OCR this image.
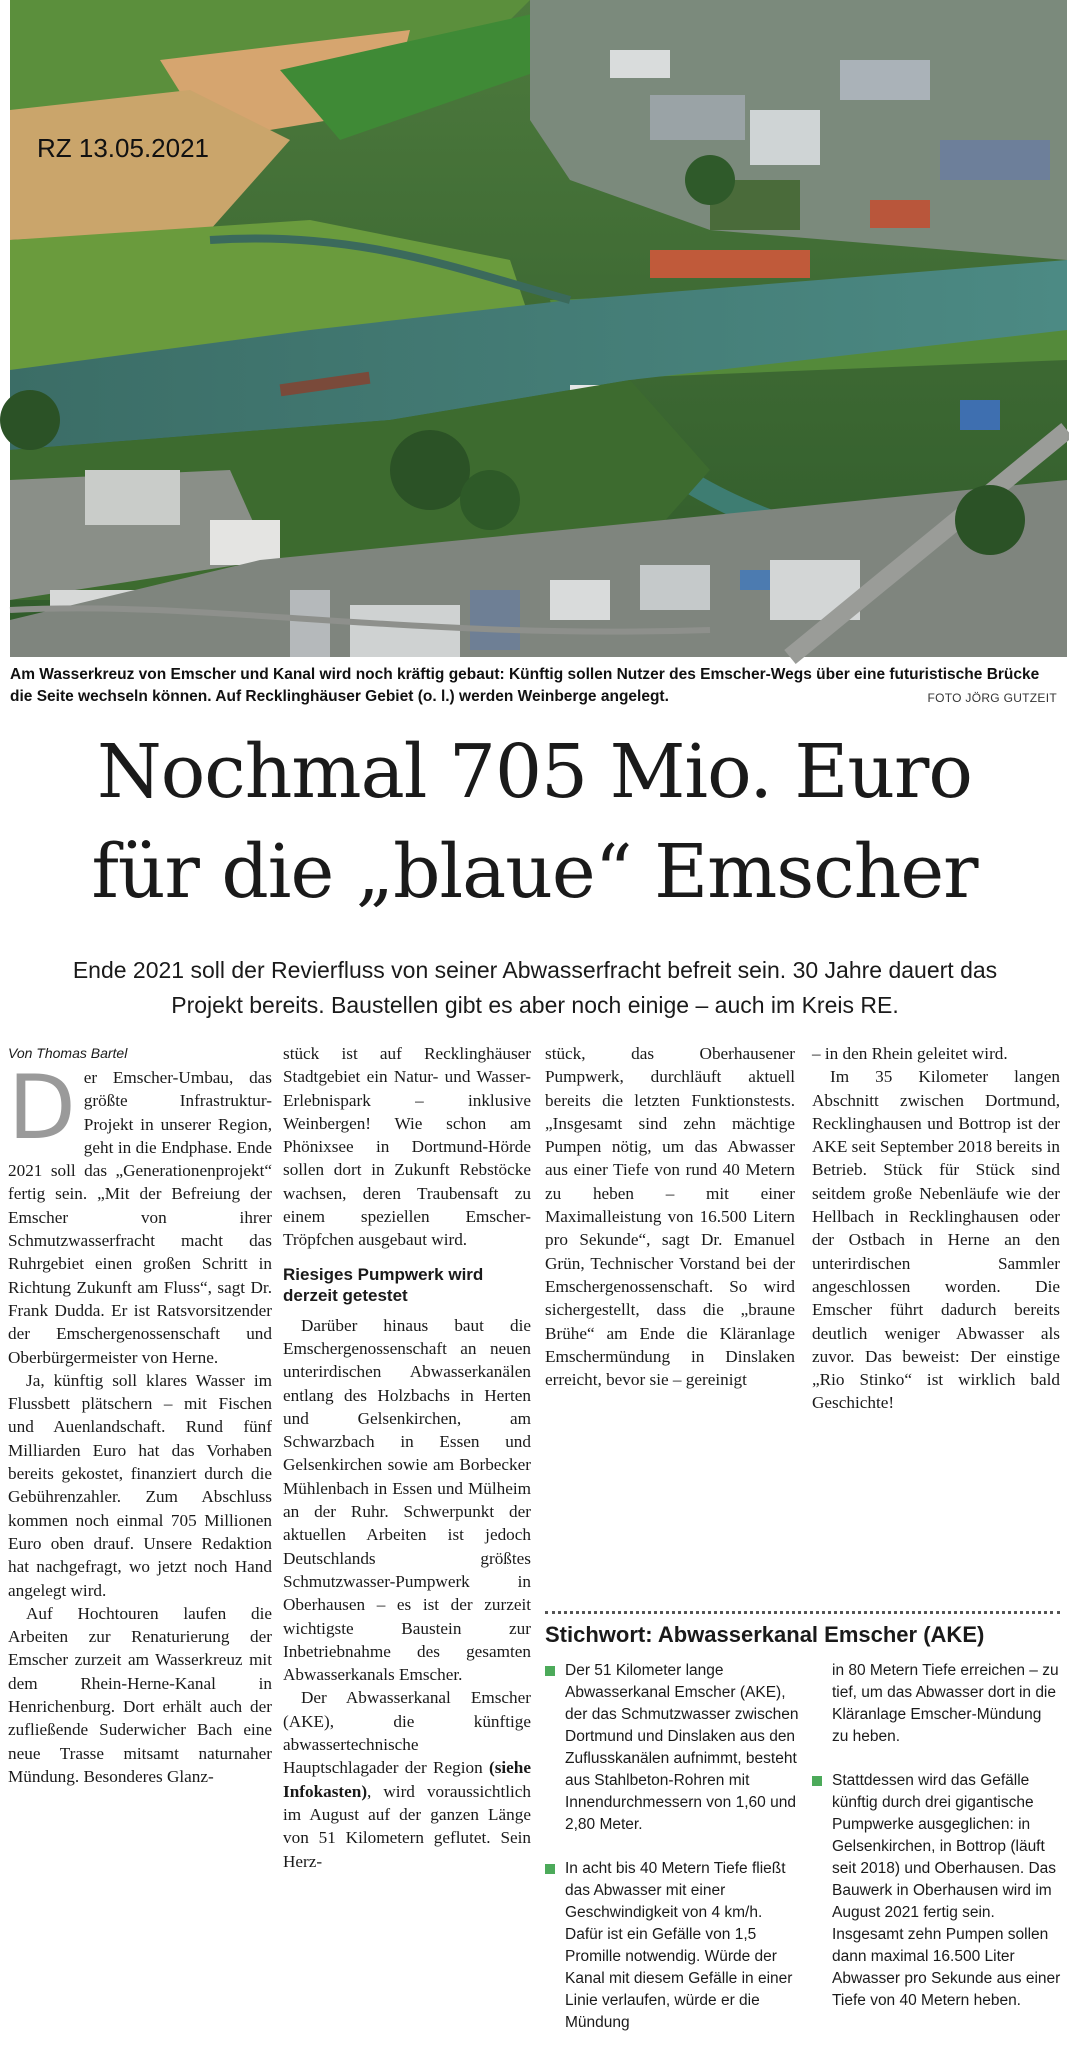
RZ 13.05.2021
Am Wasserkreuz von Emscher und Kanal wird noch kräftig gebaut: Künftig sollen Nutzer des Emscher-Wegs über eine futuristische Brücke die Seite wechseln können. Auf Recklinghäuser Gebiet (o. l.) werden Weinberge angelegt.	FOTO JÖRG GUTZEIT
Nochmal 705 Mio. Euro
für die „blaue“ Emscher
Ende 2021 soll der Revierfluss von seiner Abwasserfracht befreit sein. 30 Jahre dauert das Projekt bereits. Baustellen gibt es aber noch einige – auch im Kreis RE.
Von Thomas Bartel

Der Emscher-Umbau, das größte Infrastruktur-Projekt in unserer Region, geht in die Endphase. Ende 2021 soll das „Generationenprojekt“ fertig sein. „Mit der Befreiung der Emscher von ihrer Schmutzwasserfracht macht das Ruhrgebiet einen großen Schritt in Richtung Zukunft am Fluss“, sagt Dr. Frank Dudda. Er ist Ratsvorsitzender der Emschergenossenschaft und Oberbürgermeister von Herne.

Ja, künftig soll klares Wasser im Flussbett plätschern – mit Fischen und Auenlandschaft. Rund fünf Milliarden Euro hat das Vorhaben bereits gekostet, finanziert durch die Gebührenzahler. Zum Abschluss kommen noch einmal 705 Millionen Euro oben drauf. Unsere Redaktion hat nachgefragt, wo jetzt noch Hand angelegt wird.

Auf Hochtouren laufen die Arbeiten zur Renaturierung der Emscher zurzeit am Wasserkreuz mit dem Rhein-Herne-Kanal in Henrichenburg. Dort erhält auch der zufließende Suderwicher Bach eine neue Trasse mitsamt naturnaher Mündung. Besonderes Glanz-

stück ist auf Recklinghäuser Stadtgebiet ein Natur- und Wasser-Erlebnispark – inklusive Weinbergen! Wie schon am Phönixsee in Dortmund-Hörde sollen dort in Zukunft Rebstöcke wachsen, deren Traubensaft zu einem speziellen Emscher-Tröpfchen ausgebaut wird.

Riesiges Pumpwerk wird derzeit getestet

Darüber hinaus baut die Emschergenossenschaft an neuen unterirdischen Abwasserkanälen entlang des Holzbachs in Herten und Gelsenkirchen, am Schwarzbach in Essen und Gelsenkirchen sowie am Borbecker Mühlenbach in Essen und Mülheim an der Ruhr. Schwerpunkt der aktuellen Arbeiten ist jedoch Deutschlands größtes Schmutzwasser-Pumpwerk in Oberhausen – es ist der zurzeit wichtigste Baustein zur Inbetriebnahme des gesamten Abwasserkanals Emscher.

Der Abwasserkanal Emscher (AKE), die künftige abwassertechnische Hauptschlagader der Region (siehe Infokasten), wird voraussichtlich im August auf der ganzen Länge von 51 Kilometern geflutet. Sein Herz-

stück, das Oberhausener Pumpwerk, durchläuft aktuell bereits die letzten Funktionstests. „Insgesamt sind zehn mächtige Pumpen nötig, um das Abwasser aus einer Tiefe von rund 40 Metern zu heben – mit einer Maximalleistung von 16.500 Litern pro Sekunde“, sagt Dr. Emanuel Grün, Technischer Vorstand bei der Emschergenossenschaft. So wird sichergestellt, dass die „braune Brühe“ am Ende die Kläranlage Emschermündung in Dinslaken erreicht, bevor sie – gereinigt

– in den Rhein geleitet wird.

Im 35 Kilometer langen Abschnitt zwischen Dortmund, Recklinghausen und Bottrop ist der AKE seit September 2018 bereits in Betrieb. Stück für Stück sind seitdem große Nebenläufe wie der Hellbach in Recklinghausen oder der Ostbach in Herne an den unterirdischen Sammler angeschlossen worden. Die Emscher führt dadurch bereits deutlich weniger Abwasser als zuvor. Das beweist: Der einstige „Rio Stinko“ ist wirklich bald Geschichte!

Stichwort: Abwasserkanal Emscher (AKE)
Der 51 Kilometer lange Abwasserkanal Emscher (AKE), der das Schmutzwasser zwischen Dortmund und Dinslaken aus den Zuflusskanälen aufnimmt, besteht aus Stahlbeton-Rohren mit Innendurchmessern von 1,60 und 2,80 Meter.
In acht bis 40 Metern Tiefe fließt das Abwasser mit einer Geschwindigkeit von 4 km/h. Dafür ist ein Gefälle von 1,5 Promille notwendig. Würde der Kanal mit diesem Gefälle in einer Linie verlaufen, würde er die Mündung
in 80 Metern Tiefe erreichen – zu tief, um das Abwasser dort in die Kläranlage Emscher-Mündung zu heben.
Stattdessen wird das Gefälle künftig durch drei gigantische Pumpwerke ausgeglichen: in Gelsenkirchen, in Bottrop (läuft seit 2018) und Oberhausen. Das Bauwerk in Oberhausen wird im August 2021 fertig sein. Insgesamt zehn Pumpen sollen dann maximal 16.500 Liter Abwasser pro Sekunde aus einer Tiefe von 40 Metern heben.
